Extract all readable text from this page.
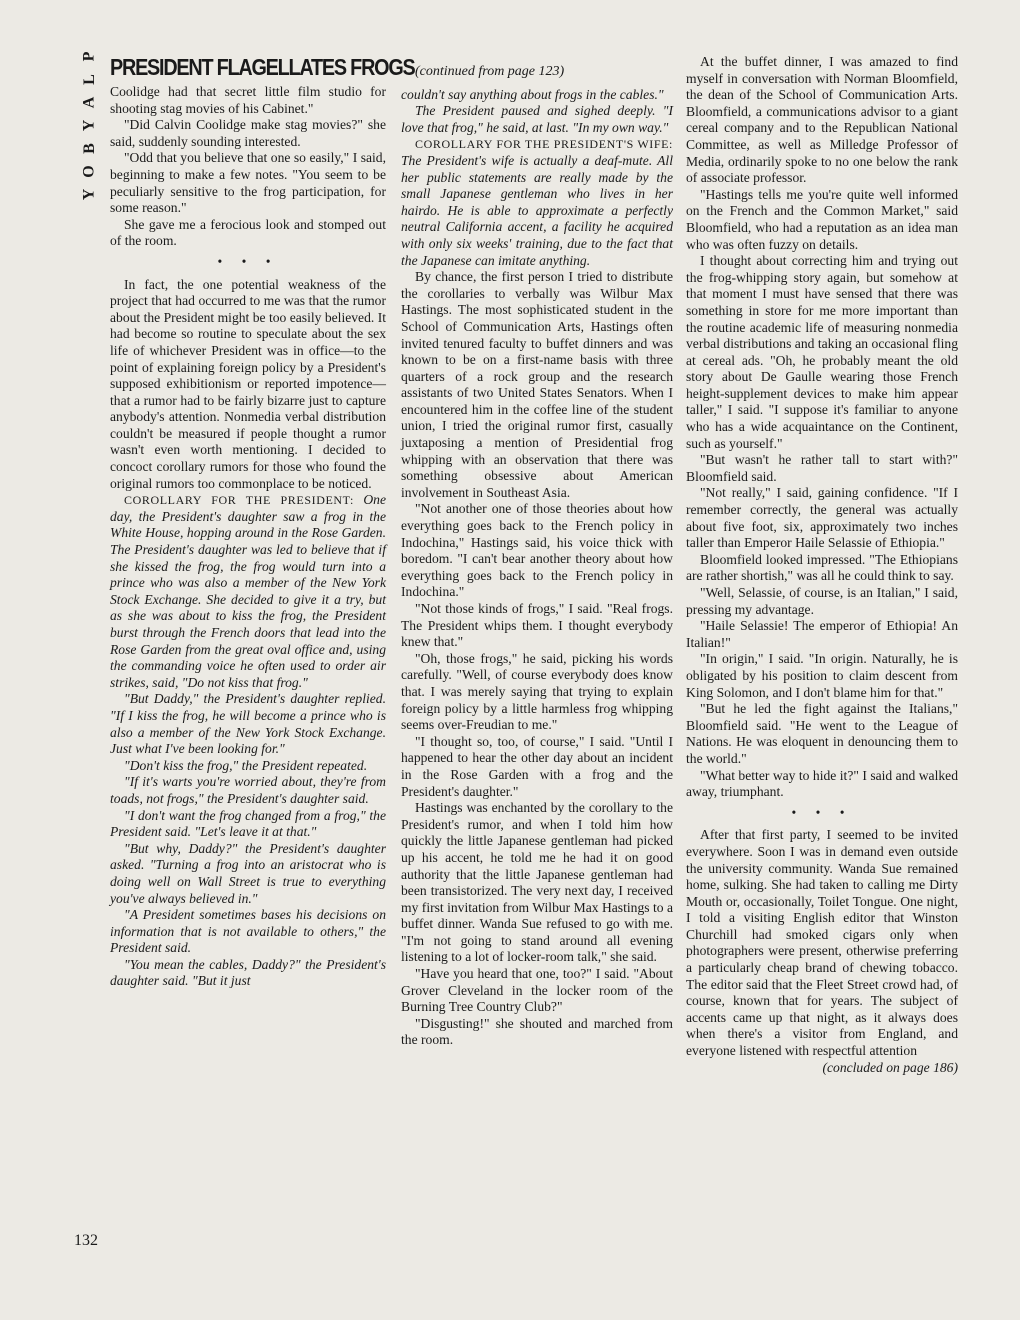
P
L
A
Y
B
O
Y
132
PRESIDENT FLAGELLATES FROGS

Coolidge had that secret little film studio for shooting stag movies of his Cabinet."

"Did Calvin Coolidge make stag movies?" she said, suddenly sounding interested.

"Odd that you believe that one so easily," I said, beginning to make a few notes. "You seem to be peculiarly sensitive to the frog participation, for some reason."

She gave me a ferocious look and stomped out of the room.

• • •

In fact, the one potential weakness of the project that had occurred to me was that the rumor about the President might be too easily believed. It had become so routine to speculate about the sex life of whichever President was in office—to the point of explaining foreign policy by a President's supposed exhibitionism or reported impotence—that a rumor had to be fairly bizarre just to capture anybody's attention. Nonmedia verbal distribution couldn't be measured if people thought a rumor wasn't even worth mentioning. I decided to concoct corollary rumors for those who found the original rumors too commonplace to be noticed.

COROLLARY FOR THE PRESIDENT: One day, the President's daughter saw a frog in the White House, hopping around in the Rose Garden. The President's daughter was led to believe that if she kissed the frog, the frog would turn into a prince who was also a member of the New York Stock Exchange. She decided to give it a try, but as she was about to kiss the frog, the President burst through the French doors that lead into the Rose Garden from the great oval office and, using the commanding voice he often used to order air strikes, said, "Do not kiss that frog."

"But Daddy," the President's daughter replied. "If I kiss the frog, he will become a prince who is also a member of the New York Stock Exchange. Just what I've been looking for."

"Don't kiss the frog," the President repeated.

"If it's warts you're worried about, they're from toads, not frogs," the President's daughter said.

"I don't want the frog changed from a frog," the President said. "Let's leave it at that."

"But why, Daddy?" the President's daughter asked. "Turning a frog into an aristocrat who is doing well on Wall Street is true to everything you've always believed in."

"A President sometimes bases his decisions on information that is not available to others," the President said.

"You mean the cables, Daddy?" the President's daughter said. "But it just

(continued from page 123)

couldn't say anything about frogs in the cables."

The President paused and sighed deeply. "I love that frog," he said, at last. "In my own way."

COROLLARY FOR THE PRESIDENT'S WIFE: The President's wife is actually a deaf-mute. All her public statements are really made by the small Japanese gentleman who lives in her hairdo. He is able to approximate a perfectly neutral California accent, a facility he acquired with only six weeks' training, due to the fact that the Japanese can imitate anything.

By chance, the first person I tried to distribute the corollaries to verbally was Wilbur Max Hastings. The most sophisticated student in the School of Communication Arts, Hastings often invited tenured faculty to buffet dinners and was known to be on a first-name basis with three quarters of a rock group and the research assistants of two United States Senators. When I encountered him in the coffee line of the student union, I tried the original rumor first, casually juxtaposing a mention of Presidential frog whipping with an observation that there was something obsessive about American involvement in Southeast Asia.

"Not another one of those theories about how everything goes back to the French policy in Indochina," Hastings said, his voice thick with boredom. "I can't bear another theory about how everything goes back to the French policy in Indochina."

"Not those kinds of frogs," I said. "Real frogs. The President whips them. I thought everybody knew that."

"Oh, those frogs," he said, picking his words carefully. "Well, of course everybody does know that. I was merely saying that trying to explain foreign policy by a little harmless frog whipping seems over-Freudian to me."

"I thought so, too, of course," I said. "Until I happened to hear the other day about an incident in the Rose Garden with a frog and the President's daughter."

Hastings was enchanted by the corollary to the President's rumor, and when I told him how quickly the little Japanese gentleman had picked up his accent, he told me he had it on good authority that the little Japanese gentleman had been transistorized. The very next day, I received my first invitation from Wilbur Max Hastings to a buffet dinner. Wanda Sue refused to go with me. "I'm not going to stand around all evening listening to a lot of locker-room talk," she said.

"Have you heard that one, too?" I said. "About Grover Cleveland in the locker room of the Burning Tree Country Club?"

"Disgusting!" she shouted and marched from the room.

At the buffet dinner, I was amazed to find myself in conversation with Norman Bloomfield, the dean of the School of Communication Arts. Bloomfield, a communications advisor to a giant cereal company and to the Republican National Committee, as well as Milledge Professor of Media, ordinarily spoke to no one below the rank of associate professor.

"Hastings tells me you're quite well informed on the French and the Common Market," said Bloomfield, who had a reputation as an idea man who was often fuzzy on details.

I thought about correcting him and trying out the frog-whipping story again, but somehow at that moment I must have sensed that there was something in store for me more important than the routine academic life of measuring nonmedia verbal distributions and taking an occasional fling at cereal ads. "Oh, he probably meant the old story about De Gaulle wearing those French height-supplement devices to make him appear taller," I said. "I suppose it's familiar to anyone who has a wide acquaintance on the Continent, such as yourself."

"But wasn't he rather tall to start with?" Bloomfield said.

"Not really," I said, gaining confidence. "If I remember correctly, the general was actually about five foot, six, approximately two inches taller than Emperor Haile Selassie of Ethiopia."

Bloomfield looked impressed. "The Ethiopians are rather shortish," was all he could think to say.

"Well, Selassie, of course, is an Italian," I said, pressing my advantage.

"Haile Selassie! The emperor of Ethiopia! An Italian!"

"In origin," I said. "In origin. Naturally, he is obligated by his position to claim descent from King Solomon, and I don't blame him for that."

"But he led the fight against the Italians," Bloomfield said. "He went to the League of Nations. He was eloquent in denouncing them to the world."

"What better way to hide it?" I said and walked away, triumphant.

• • •

After that first party, I seemed to be invited everywhere. Soon I was in demand even outside the university community. Wanda Sue remained home, sulking. She had taken to calling me Dirty Mouth or, occasionally, Toilet Tongue. One night, I told a visiting English editor that Winston Churchill had smoked cigars only when photographers were present, otherwise preferring a particularly cheap brand of chewing tobacco. The editor said that the Fleet Street crowd had, of course, known that for years. The subject of accents came up that night, as it always does when there's a visitor from England, and everyone listened with respectful attention

(concluded on page 186)
